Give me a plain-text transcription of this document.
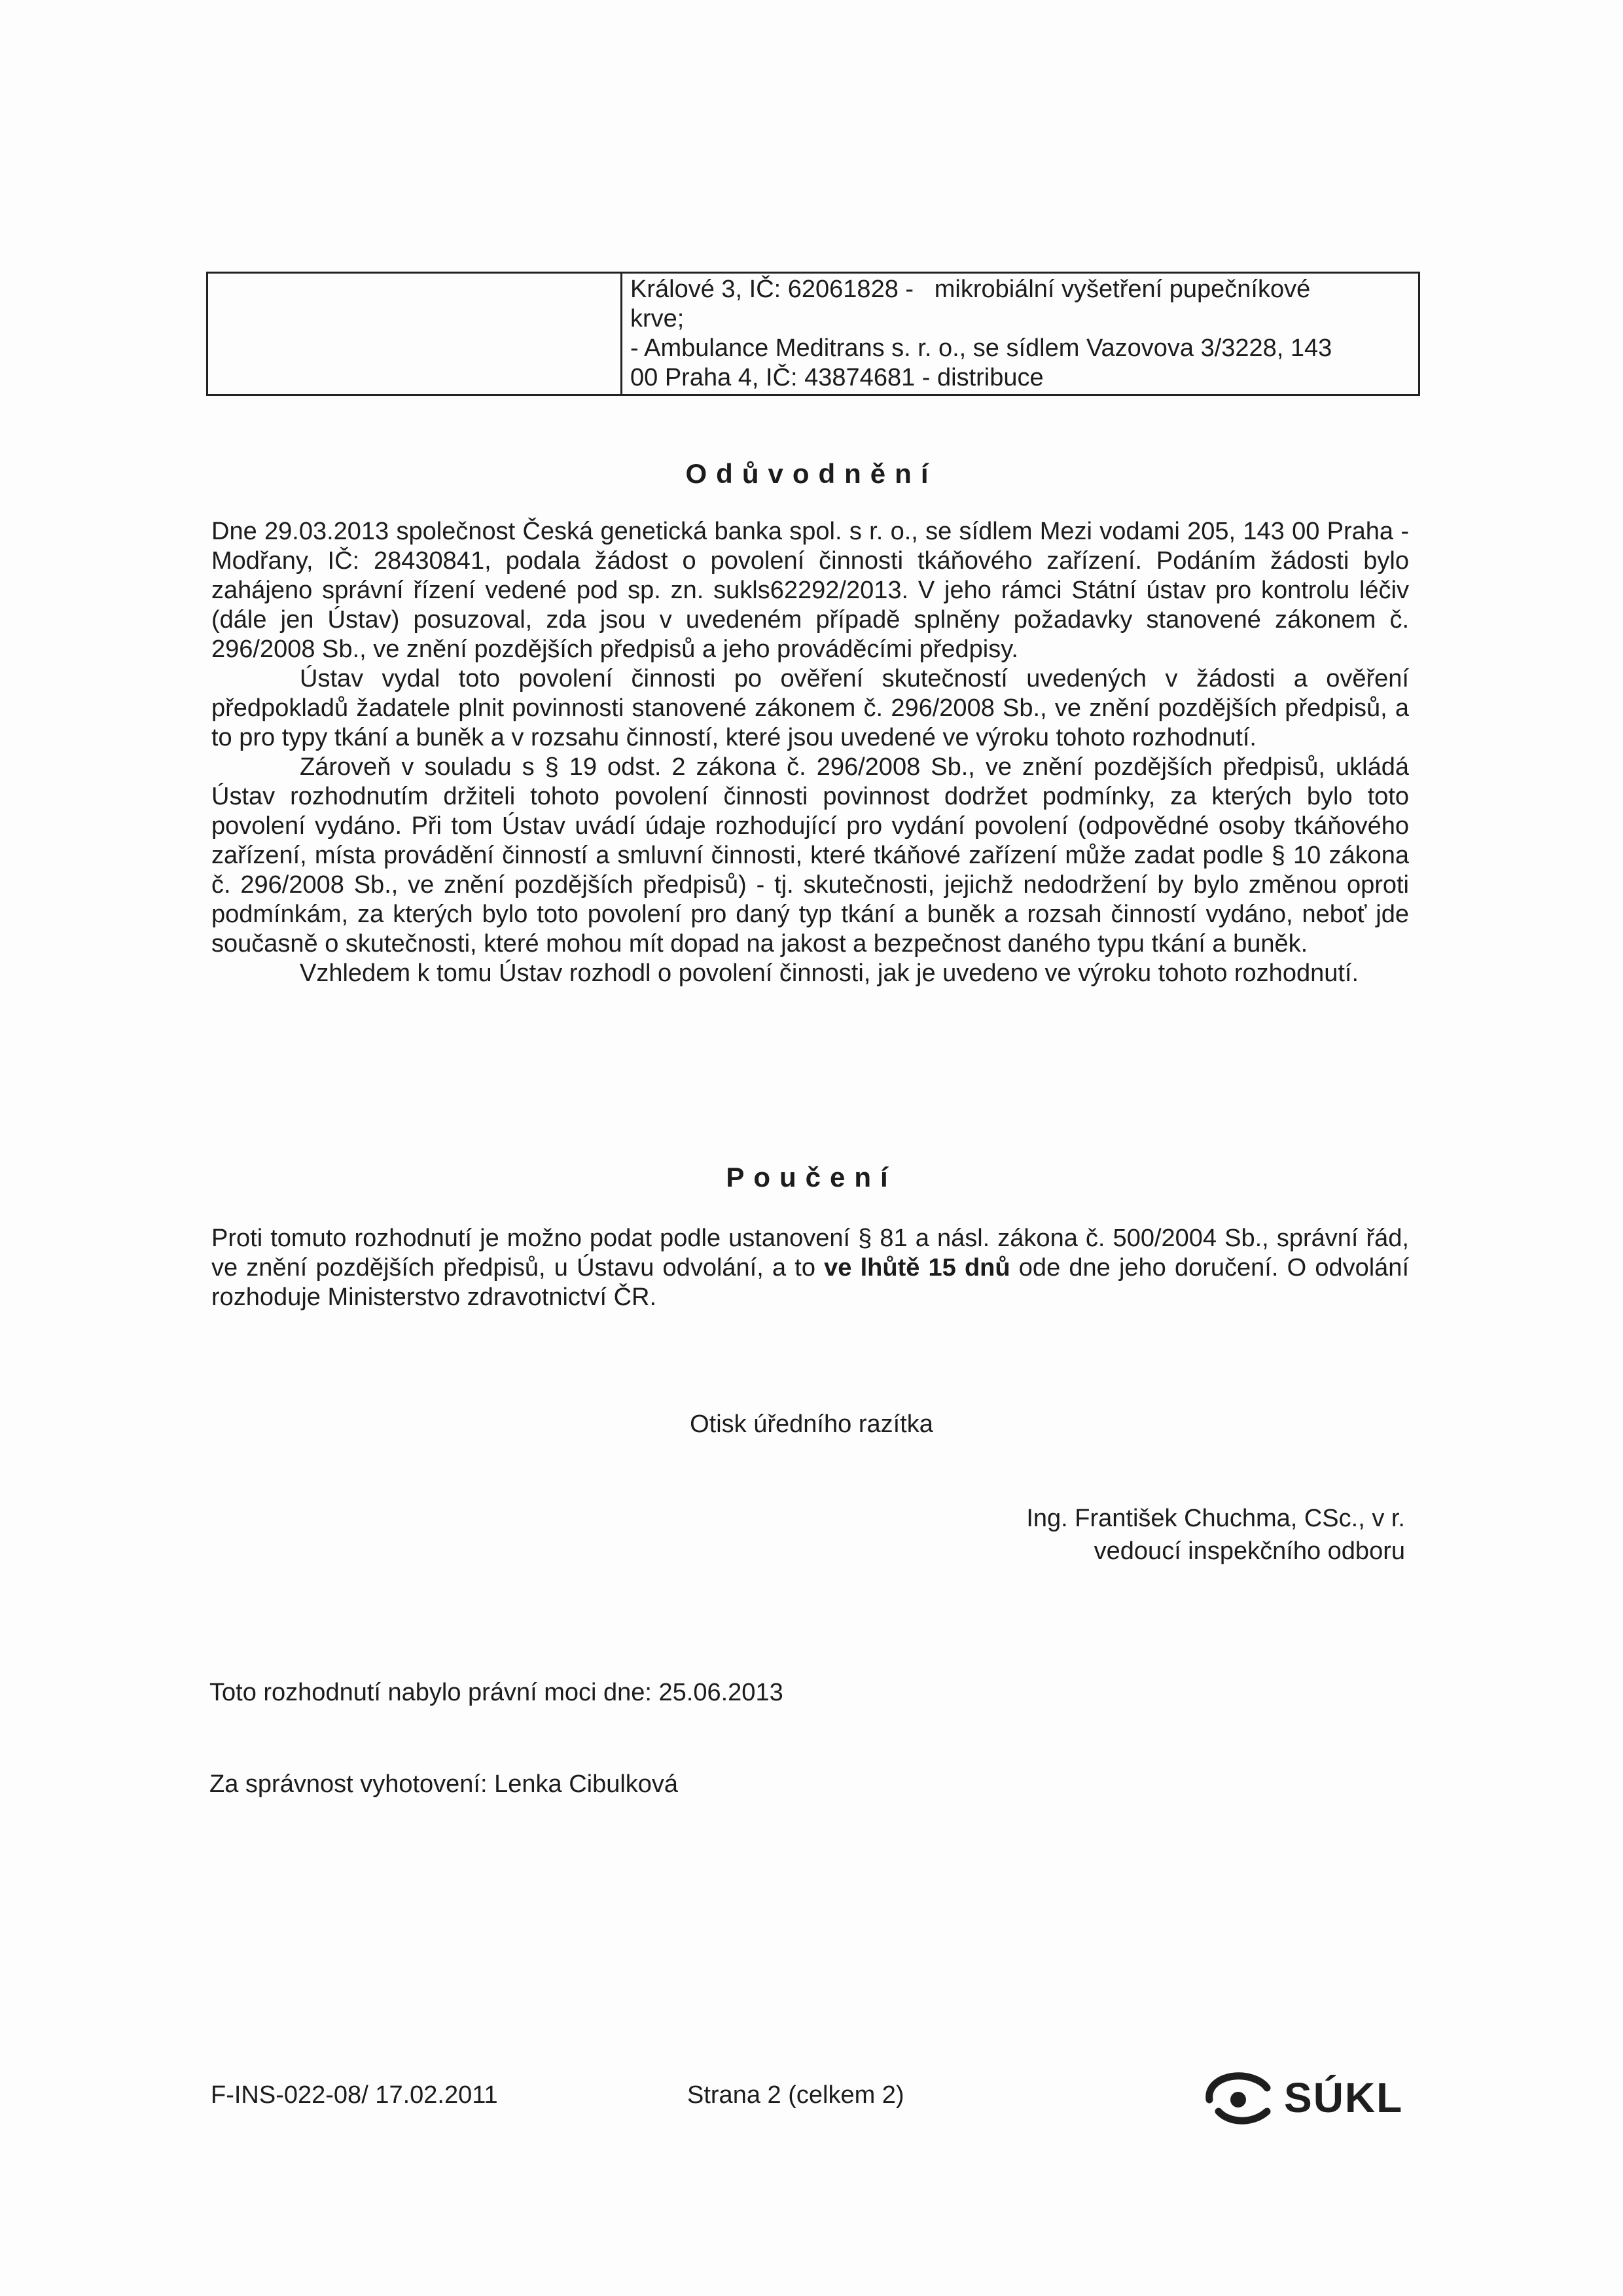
Králové 3, IČ: 62061828 -   mikrobiální vyšetření pupečníkové
krve;
- Ambulance Meditrans s. r. o., se sídlem Vazovova 3/3228, 143
00 Praha 4, IČ: 43874681 - distribuce
Odůvodnění

Dne 29.03.2013 společnost Česká genetická banka spol. s r. o., se sídlem Mezi vodami 205, 143 00 Praha - Modřany, IČ: 28430841, podala žádost o povolení činnosti tkáňového zařízení. Podáním žádosti bylo zahájeno správní řízení vedené pod sp. zn. sukls62292/2013. V jeho rámci Státní ústav pro kontrolu léčiv (dále jen Ústav) posuzoval, zda jsou v uvedeném případě splněny požadavky stanovené zákonem č. 296/2008 Sb., ve znění pozdějších předpisů a jeho prováděcími předpisy.

Ústav vydal toto povolení činnosti po ověření skutečností uvedených v žádosti a ověření předpokladů žadatele plnit povinnosti stanovené zákonem č. 296/2008 Sb., ve znění pozdějších předpisů, a to pro typy tkání a buněk a v rozsahu činností, které jsou uvedené ve výroku tohoto rozhodnutí.

Zároveň v souladu s § 19 odst. 2 zákona č. 296/2008 Sb., ve znění pozdějších předpisů, ukládá Ústav rozhodnutím držiteli tohoto povolení činnosti povinnost dodržet podmínky, za kterých bylo toto povolení vydáno. Při tom Ústav uvádí údaje rozhodující pro vydání povolení (odpovědné osoby tkáňového zařízení, místa provádění činností a smluvní činnosti, které tkáňové zařízení může zadat podle § 10 zákona č. 296/2008 Sb., ve znění pozdějších předpisů) - tj. skutečnosti, jejichž nedodržení by bylo změnou oproti podmínkám, za kterých bylo toto povolení pro daný typ tkání a buněk a rozsah činností vydáno, neboť jde současně o skutečnosti, které mohou mít dopad na jakost a bezpečnost daného typu tkání a buněk.

Vzhledem k tomu Ústav rozhodl o povolení činnosti, jak je uvedeno ve výroku tohoto rozhodnutí.

Poučení

Proti tomuto rozhodnutí je možno podat podle ustanovení § 81 a násl. zákona č. 500/2004 Sb., správní řád, ve znění pozdějších předpisů, u Ústavu odvolání, a to ve lhůtě 15 dnů ode dne jeho doručení. O odvolání rozhoduje Ministerstvo zdravotnictví ČR.

Otisk úředního razítka
Ing. František Chuchma, CSc., v r.
vedoucí inspekčního odboru
Toto rozhodnutí nabylo právní moci dne: 25.06.2013
Za správnost vyhotovení: Lenka Cibulková
F-INS-022-08/ 17.02.2011	Strana 2 (celkem 2)	SÚKL
